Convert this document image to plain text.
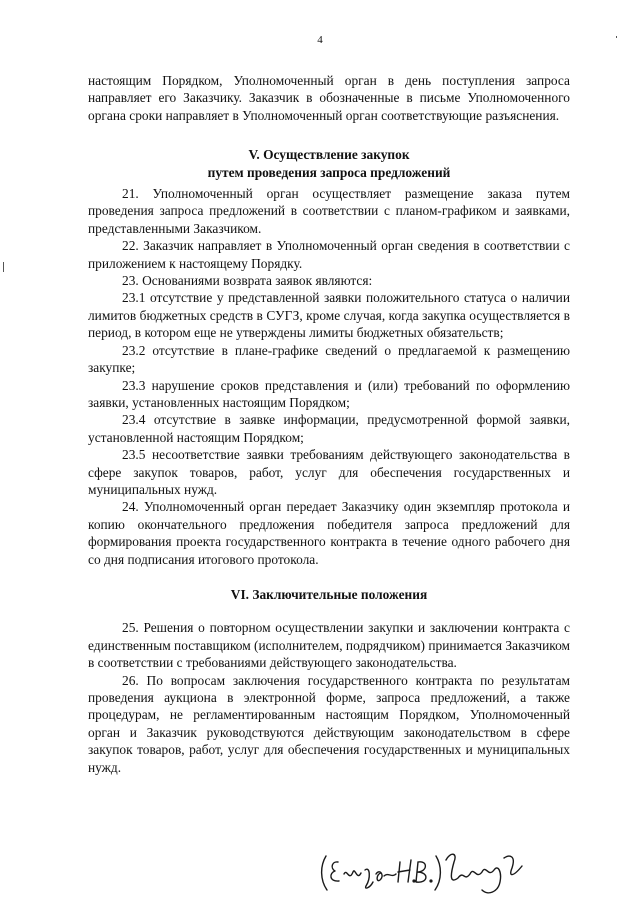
4

настоящим Порядком, Уполномоченный орган в день поступления запроса направляет его Заказчику. Заказчик в обозначенные в письме Уполномоченного органа сроки направляет в Уполномоченный орган соответствующие разъяснения.

V. Осуществление закупок
путем проведения запроса предложений

21. Уполномоченный орган осуществляет размещение заказа путем проведения запроса предложений в соответствии с планом-графиком и заявками, представленными Заказчиком.

22. Заказчик направляет в Уполномоченный орган сведения в соответствии с приложением к настоящему Порядку.

23. Основаниями возврата заявок являются:

23.1 отсутствие у представленной заявки положительного статуса о наличии лимитов бюджетных средств в СУГЗ, кроме случая, когда закупка осуществляется в период, в котором еще не утверждены лимиты бюджетных обязательств;

23.2 отсутствие в плане-графике сведений о предлагаемой к размещению закупке;

23.3 нарушение сроков представления и (или) требований по оформлению заявки, установленных настоящим Порядком;

23.4 отсутствие в заявке информации, предусмотренной формой заявки, установленной настоящим Порядком;

23.5 несоответствие заявки требованиям действующего законодательства в сфере закупок товаров, работ, услуг для обеспечения государственных и муниципальных нужд.

24. Уполномоченный орган передает Заказчику один экземпляр протокола и копию окончательного предложения победителя запроса предложений для формирования проекта государственного контракта в течение одного рабочего дня со дня подписания итогового протокола.

VI. Заключительные положения

25. Решения о повторном осуществлении закупки и заключении контракта с единственным поставщиком (исполнителем, подрядчиком) принимается Заказчиком в соответствии с требованиями действующего законодательства.

26. По вопросам заключения государственного контракта по результатам проведения аукциона в электронной форме, запроса предложений, а также процедурам, не регламентированным настоящим Порядком, Уполномоченный орган и Заказчик руководствуются действующим законодательством в сфере закупок товаров, работ, услуг для обеспечения государственных и муниципальных нужд.

(Елизова Н.В.)
